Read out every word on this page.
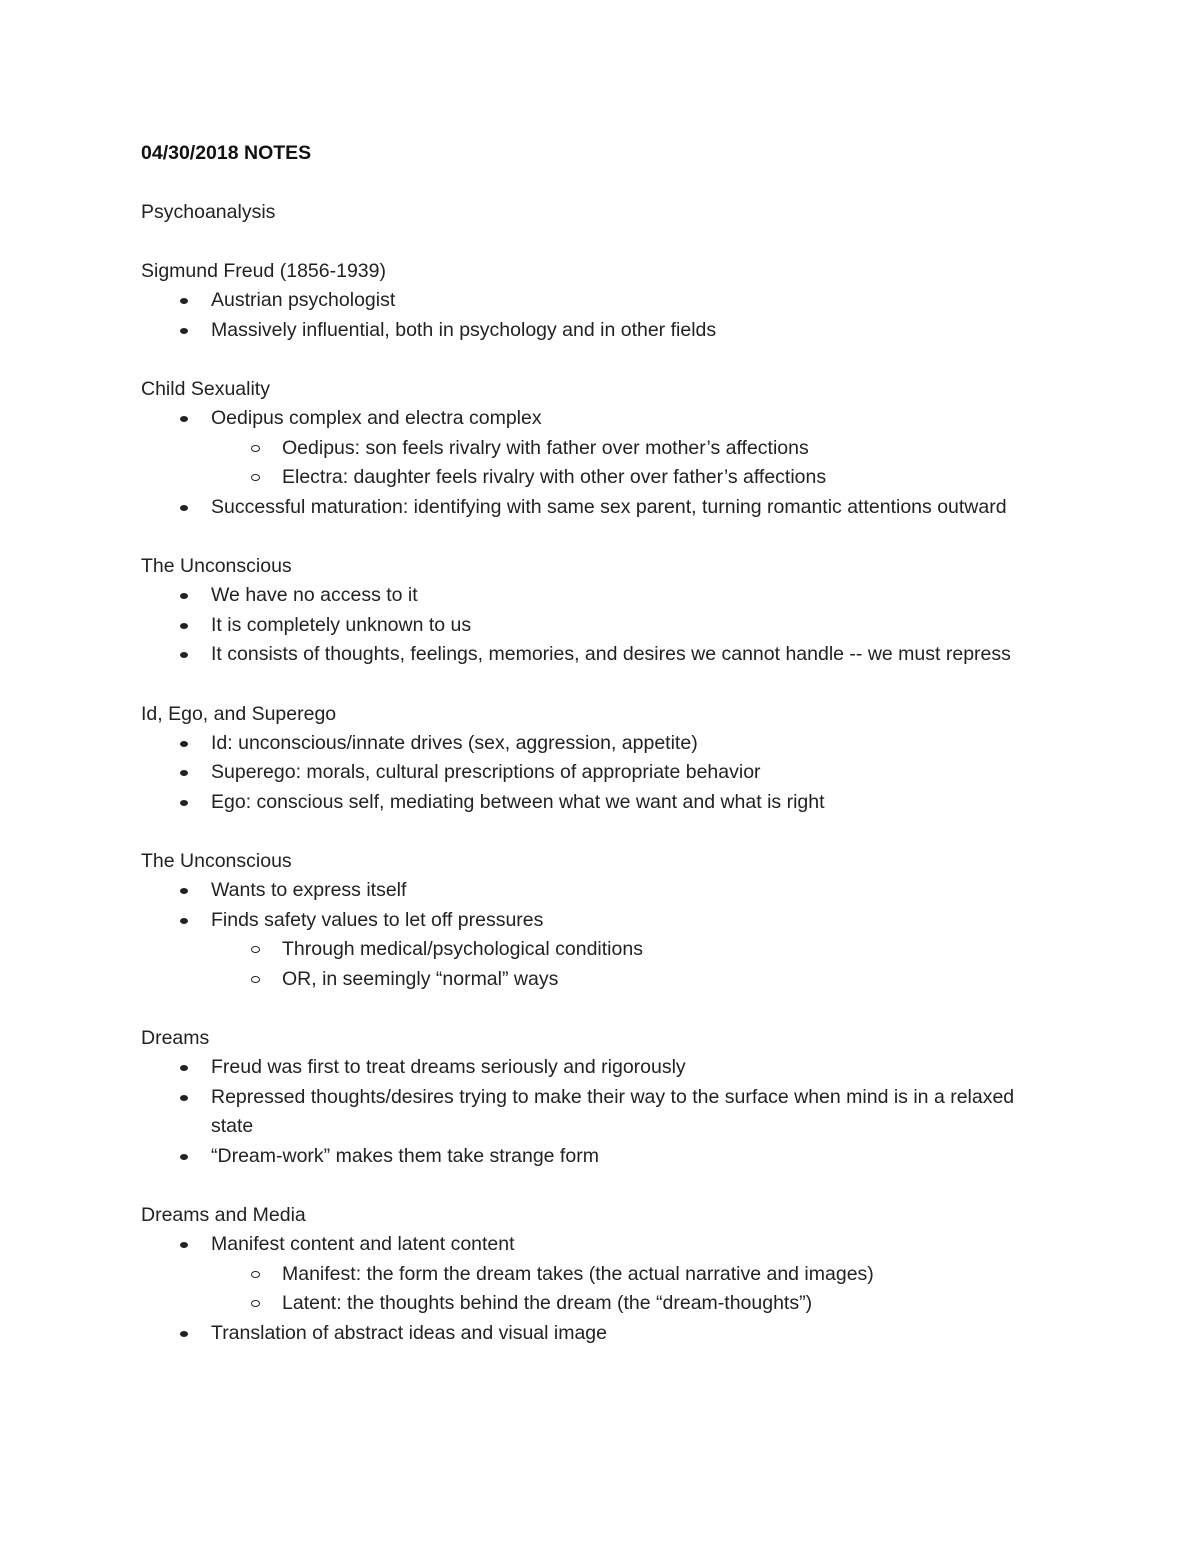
04/30/2018 NOTES

Psychoanalysis

Sigmund Freud (1856-1939)

Austrian psychologist
Massively influential, both in psychology and in other fields

Child Sexuality

Oedipus complex and electra complex
Oedipus: son feels rivalry with father over mother’s affections
Electra: daughter feels rivalry with other over father’s affections
Successful maturation: identifying with same sex parent, turning romantic attentions outward

The Unconscious

We have no access to it
It is completely unknown to us
It consists of thoughts, feelings, memories, and desires we cannot handle -- we must repress

Id, Ego, and Superego

Id: unconscious/innate drives (sex, aggression, appetite)
Superego: morals, cultural prescriptions of appropriate behavior
Ego: conscious self, mediating between what we want and what is right

The Unconscious

Wants to express itself
Finds safety values to let off pressures
Through medical/psychological conditions
OR, in seemingly “normal” ways

Dreams

Freud was first to treat dreams seriously and rigorously
Repressed thoughts/desires trying to make their way to the surface when mind is in a relaxed state
“Dream-work” makes them take strange form

Dreams and Media

Manifest content and latent content
Manifest: the form the dream takes (the actual narrative and images)
Latent: the thoughts behind the dream (the “dream-thoughts”)
Translation of abstract ideas and visual image
